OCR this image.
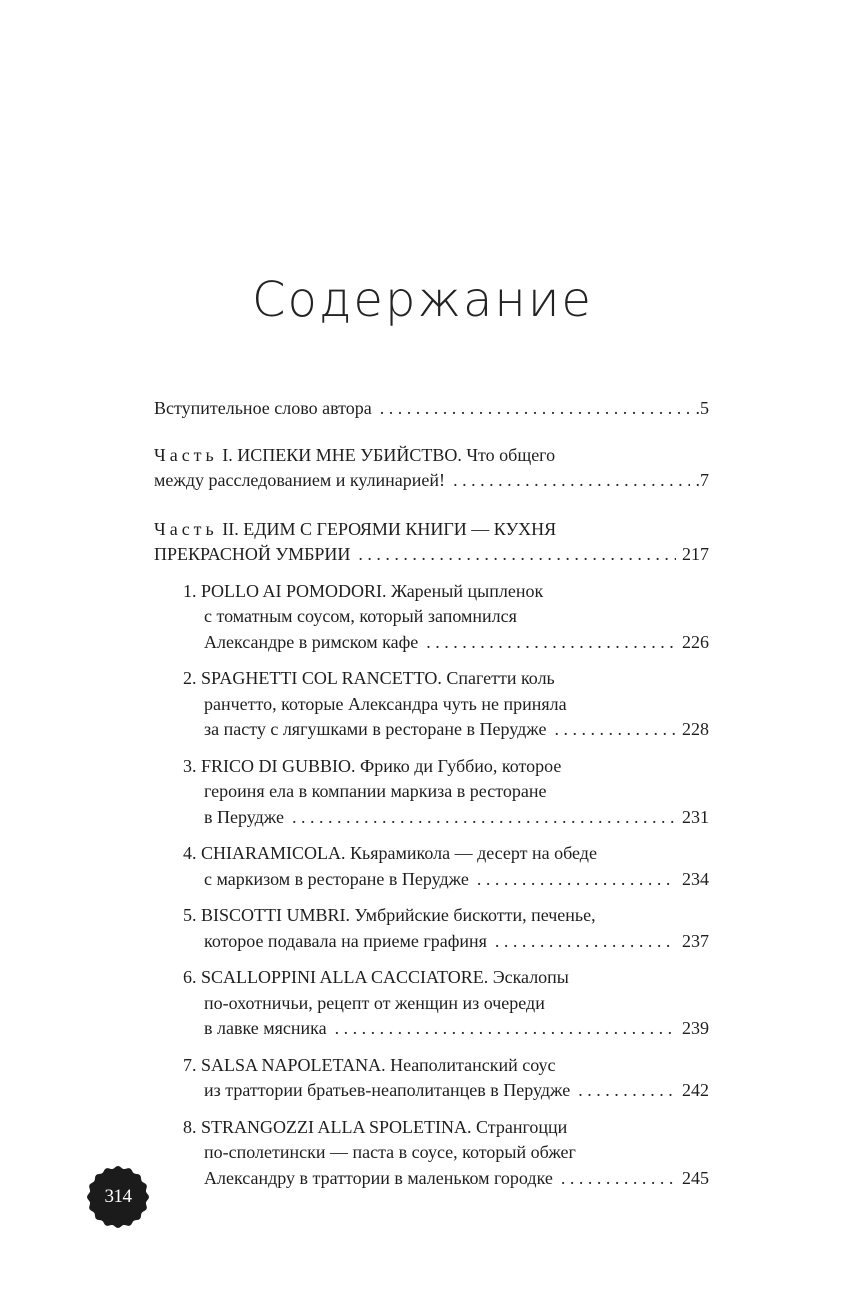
Содержание
Вступительное слово автора . . .	.5
Часть I. ИСПЕКИ МНЕ УБИЙСТВО. Что общего
между расследованием и кулинарией! . . .	.7
Часть II. ЕДИМ С ГЕРОЯМИ КНИГИ — КУХНЯ
ПРЕКРАСНОЙ УМБРИИ . . .	217
1. POLLO AI POMODORI. Жареный цыпленок
с томатным соусом, который запомнился
Александре в римском кафе . . .	226
2. SPAGHETTI COL RANCETTO. Спагетти коль
ранчетто, которые Александра чуть не приняла
за пасту с лягушками в ресторане в Перудже . . .	228
3. FRICO DI GUBBIO. Фрико ди Губбио, которое
героиня ела в компании маркиза в ресторане
в Перудже . . .	231
4. CHIARAMICOLA. Кьярамикола — десерт на обеде
с маркизом в ресторане в Перудже . . .	234
5. BISCOTTI UMBRI. Умбрийские бискотти, печенье,
которое подавала на приеме графиня . . .	237
6. SCALLOPPINI ALLA CACCIATORE. Эскалопы
по-охотничьи, рецепт от женщин из очереди
в лавке мясника . . .	239
7. SALSA NAPOLETANA. Неаполитанский соус
из траттории братьев-неаполитанцев в Перудже . . .	242
8. STRANGOZZI ALLA SPOLETINA. Странгоцци
по-сполетински — паста в соусе, который обжег
Александру в траттории в маленьком городке . . .	245
314
